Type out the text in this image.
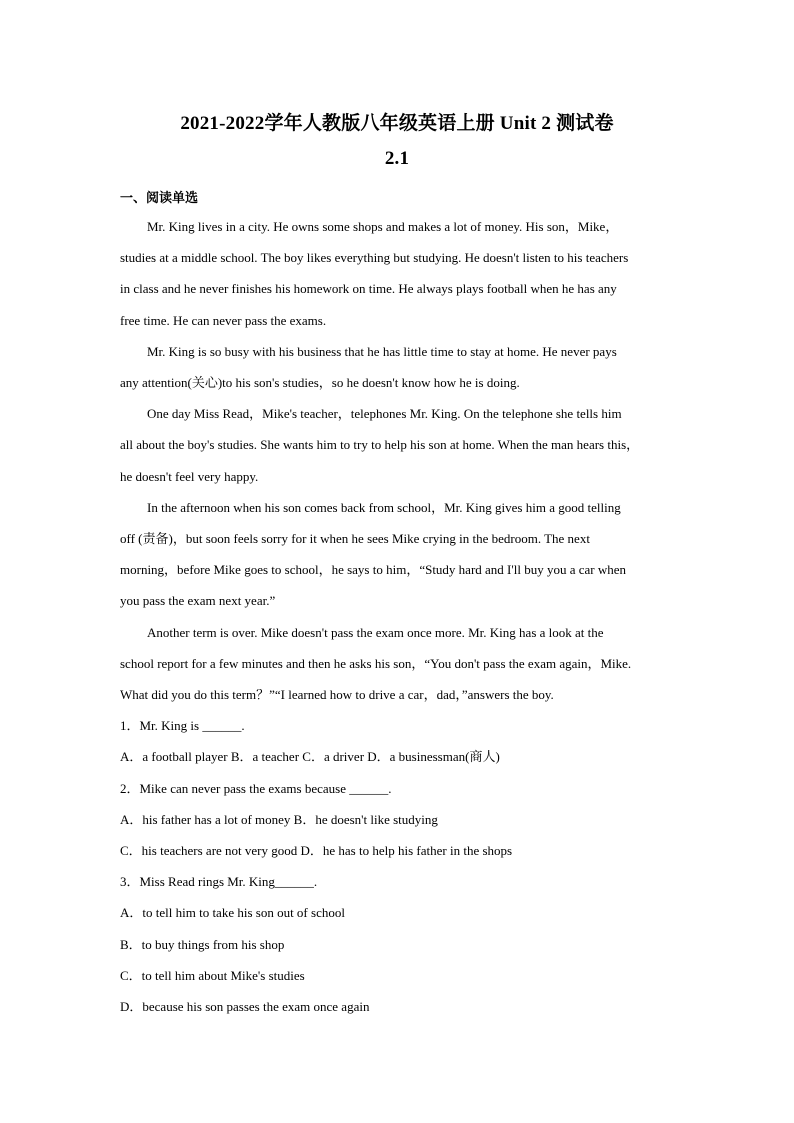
2021-2022学年人教版八年级英语上册 Unit 2 测试卷
2.1
一、阅读单选
Mr. King lives in a city. He owns some shops and makes a lot of money. His son，Mike，
studies at a middle school. The boy likes everything but studying. He doesn't listen to his teachers
in class and he never finishes his homework on time. He always plays football when he has any
free time. He can never pass the exams.
Mr. King is so busy with his business that he has little time to stay at home. He never pays
any attention(关心)to his son's studies，so he doesn't know how he is doing.
One day Miss Read，Mike's teacher，telephones Mr. King. On the telephone she tells him
all about the boy's studies. She wants him to try to help his son at home. When the man hears this，
he doesn't feel very happy.
In the afternoon when his son comes back from school，Mr. King gives him a good telling
off (责备)，but soon feels sorry for it when he sees Mike crying in the bedroom. The next
morning，before Mike goes to school，he says to him，“Study hard and I'll buy you a car when
you pass the exam next year.”
Another term is over. Mike doesn't pass the exam once more. Mr. King has a look at the
school report for a few minutes and then he asks his son，“You don't pass the exam again，Mike.
What did you do this term？”“I learned how to drive a car，dad，”answers the boy.
1．Mr. King is ______.
A．a football player B．a teacher C．a driver D．a businessman(商人)
2．Mike can never pass the exams because ______.
A．his father has a lot of money B．he doesn't like studying
C．his teachers are not very good D．he has to help his father in the shops
3．Miss Read rings Mr. King______.
A．to tell him to take his son out of school
B．to buy things from his shop
C．to tell him about Mike's studies
D．because his son passes the exam once again
